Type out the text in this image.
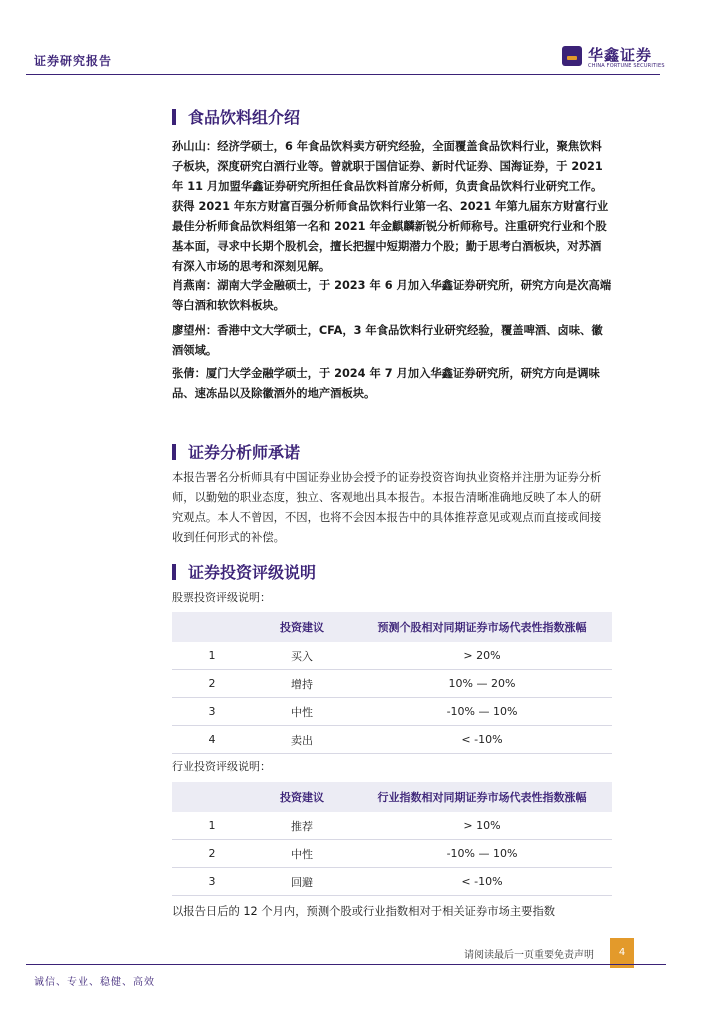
证券研究报告	华鑫证券
CHINA FORTUNE SECURITIES
食品饮料组介绍
孙山山：经济学硕士，6 年食品饮料卖方研究经验，全面覆盖食品饮料行业，聚焦饮料子板块，深度研究白酒行业等。曾就职于国信证券、新时代证券、国海证券，于 2021 年 11 月加盟华鑫证券研究所担任食品饮料首席分析师，负责食品饮料行业研究工作。获得 2021 年东方财富百强分析师食品饮料行业第一名、2021 年第九届东方财富行业最佳分析师食品饮料组第一名和 2021 年金麒麟新锐分析师称号。注重研究行业和个股基本面，寻求中长期个股机会，擅长把握中短期潜力个股；勤于思考白酒板块，对苏酒有深入市场的思考和深刻见解。
肖燕南：湖南大学金融硕士，于 2023 年 6 月加入华鑫证券研究所，研究方向是次高端等白酒和软饮料板块。
廖望州：香港中文大学硕士，CFA，3 年食品饮料行业研究经验，覆盖啤酒、卤味、徽酒领域。
张倩：厦门大学金融学硕士，于 2024 年 7 月加入华鑫证券研究所，研究方向是调味品、速冻品以及除徽酒外的地产酒板块。
证券分析师承诺
本报告署名分析师具有中国证券业协会授予的证券投资咨询执业资格并注册为证券分析师，以勤勉的职业态度，独立、客观地出具本报告。本报告清晰准确地反映了本人的研究观点。本人不曾因，不因，也将不会因本报告中的具体推荐意见或观点而直接或间接收到任何形式的补偿。
证券投资评级说明
股票投资评级说明：
	投资建议	预测个股相对同期证券市场代表性指数涨幅
1	买入	> 20%
2	增持	10% — 20%
3	中性	-10% — 10%
4	卖出	< -10%
行业投资评级说明：
	投资建议	行业指数相对同期证券市场代表性指数涨幅
1	推荐	> 10%
2	中性	-10% — 10%
3	回避	< -10%
以报告日后的 12 个月内，预测个股或行业指数相对于相关证券市场主要指数
请阅读最后一页重要免责声明	4
诚信、专业、稳健、高效
